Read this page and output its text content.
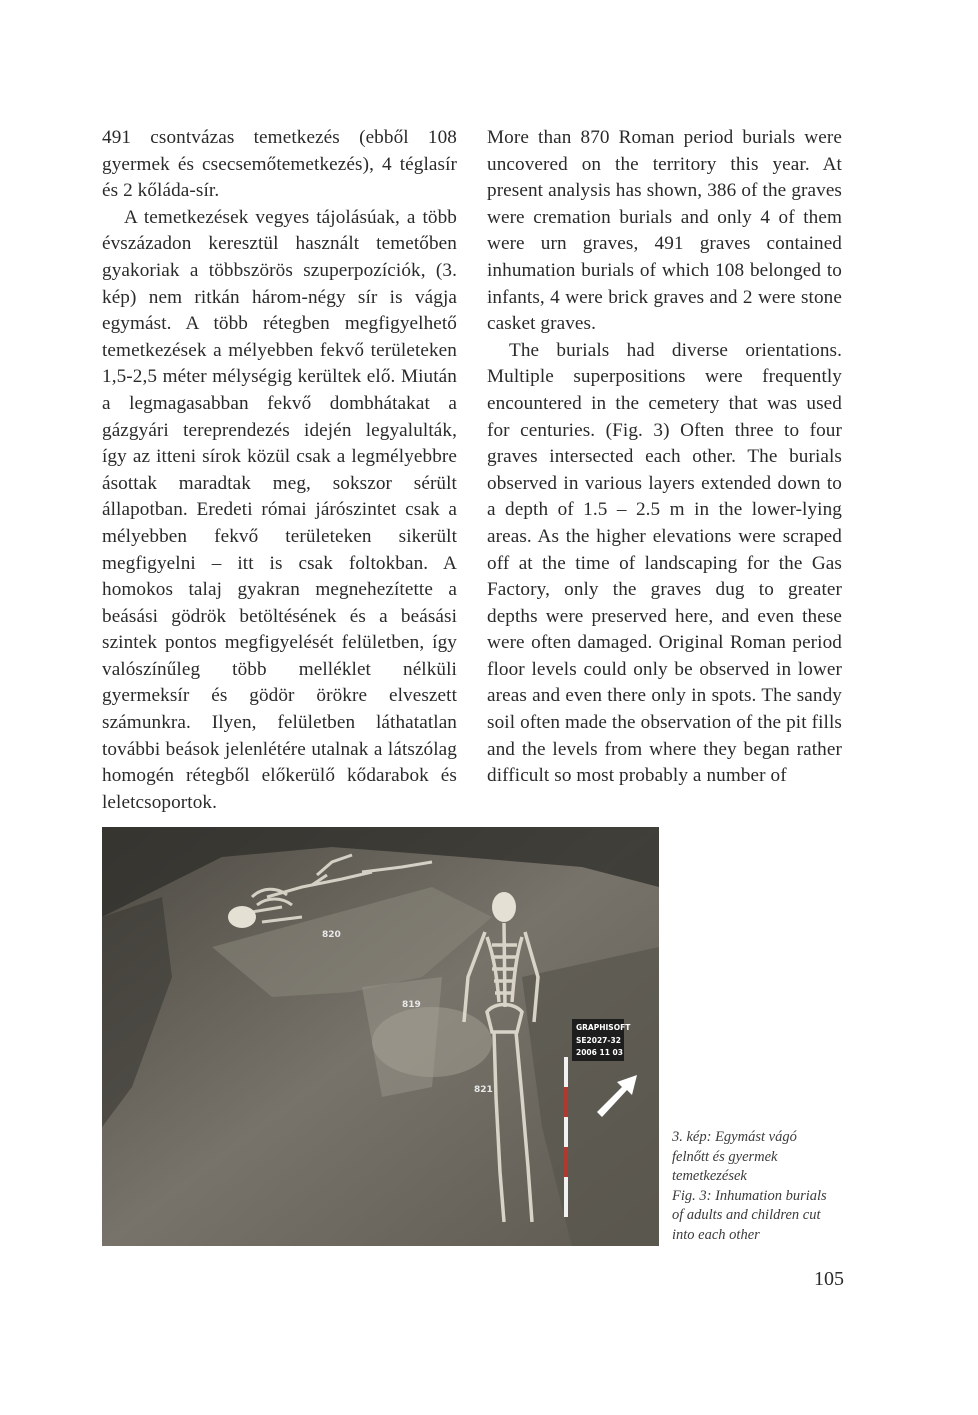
491 csontvázas temetkezés (ebből 108 gyermek és csecsemőtemetkezés), 4 téglasír és 2 kőláda-sír.

A temetkezések vegyes tájolásúak, a több évszázadon keresztül használt temetőben gyakoriak a többszörös szuperpozíciók, (3. kép) nem ritkán három-négy sír is vágja egymást. A több rétegben megfigyelhető temetkezések a mélyebben fekvő területeken 1,5-2,5 méter mélységig kerültek elő. Miután a legmagasabban fekvő dombhátakat a gázgyári tereprendezés idején legyalulták, így az itteni sírok közül csak a legmélyebbre ásottak maradtak meg, sokszor sérült állapotban. Eredeti római járószintet csak a mélyebben fekvő területeken sikerült megfigyelni – itt is csak foltokban. A homokos talaj gyakran megnehezítette a beásási gödrök betöltésének és a beásási szintek pontos megfigyelését felületben, így valószínűleg több melléklet nélküli gyermeksír és gödör örökre elveszett számunkra. Ilyen, felületben láthatatlan további beások jelenlétére utalnak a látszólag homogén rétegből előkerülő kődarabok és leletcsoportok.

More than 870 Roman period burials were uncovered on the territory this year. At present analysis has shown, 386 of the graves were cremation burials and only 4 of them were urn graves, 491 graves contained inhumation burials of which 108 belonged to infants, 4 were brick graves and 2 were stone casket graves.

The burials had diverse orientations. Multiple superpositions were frequently encountered in the cemetery that was used for centuries. (Fig. 3) Often three to four graves intersected each other. The burials observed in various layers extended down to a depth of 1.5 – 2.5 m in the lower-lying areas. As the higher elevations were scraped off at the time of landscaping for the Gas Factory, only the graves dug to greater depths were preserved here, and even these were often damaged. Original Roman period floor levels could only be observed in lower areas and even there only in spots. The sandy soil often made the observation of the pit fills and the levels from where they began rather difficult so most probably a number of

GRAPHISOFT
SE2027-32
2006 11 03
820
819
821
3. kép: Egymást vágó
felnőtt és gyermek
temetkezések
Fig. 3: Inhumation burials
of adults and children cut
into each other
105
